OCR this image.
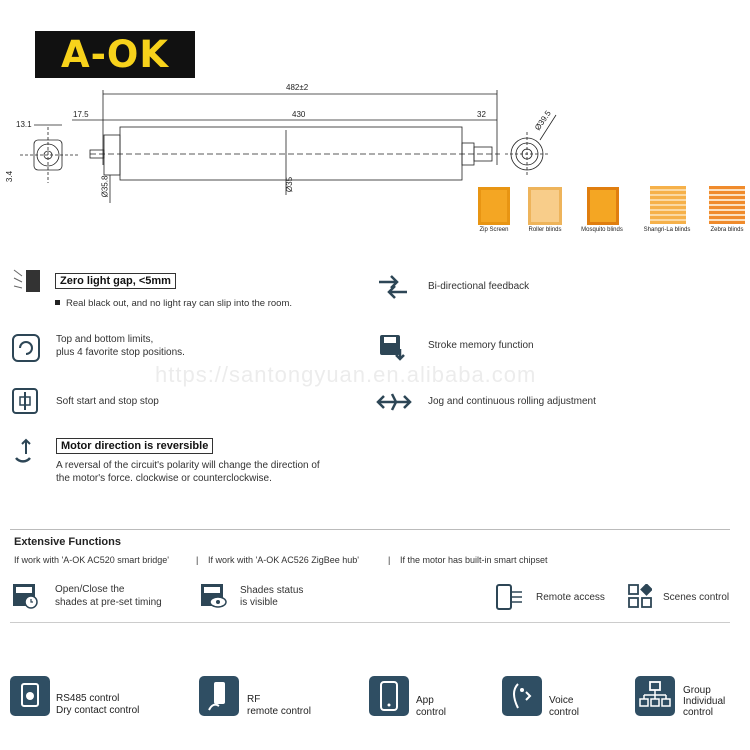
A-OK
482±2
430
17.5	32
13.1
3.4	Ø35.8	Ø35
Ø39.5
Zip Screen	Roller blinds	Mosquito blinds	Shangri-La blinds	Zebra blinds
https://santongyuan.en.alibaba.com
Zero light gap, <5mm
Real black out, and no light ray can slip into the room.
Top and bottom limits,
plus 4 favorite stop positions.
Soft start and stop stop
Motor direction is reversible
A reversal of the circuit's polarity will change the direction of
the motor's force. clockwise or counterclockwise.
Bi-directional feedback
Stroke memory function
Jog and continuous rolling adjustment
Extensive Functions
If work with 'A-OK AC520 smart bridge'	| If work with 'A-OK AC526 ZigBee hub'	| If the motor has built-in smart chipset
Open/Close the
shades at pre-set timing
Shades status
is visible	Remote access	Scenes control
RS485 control
Dry contact control
RF
remote control
App
control
Voice
control
Group
Individual
control
